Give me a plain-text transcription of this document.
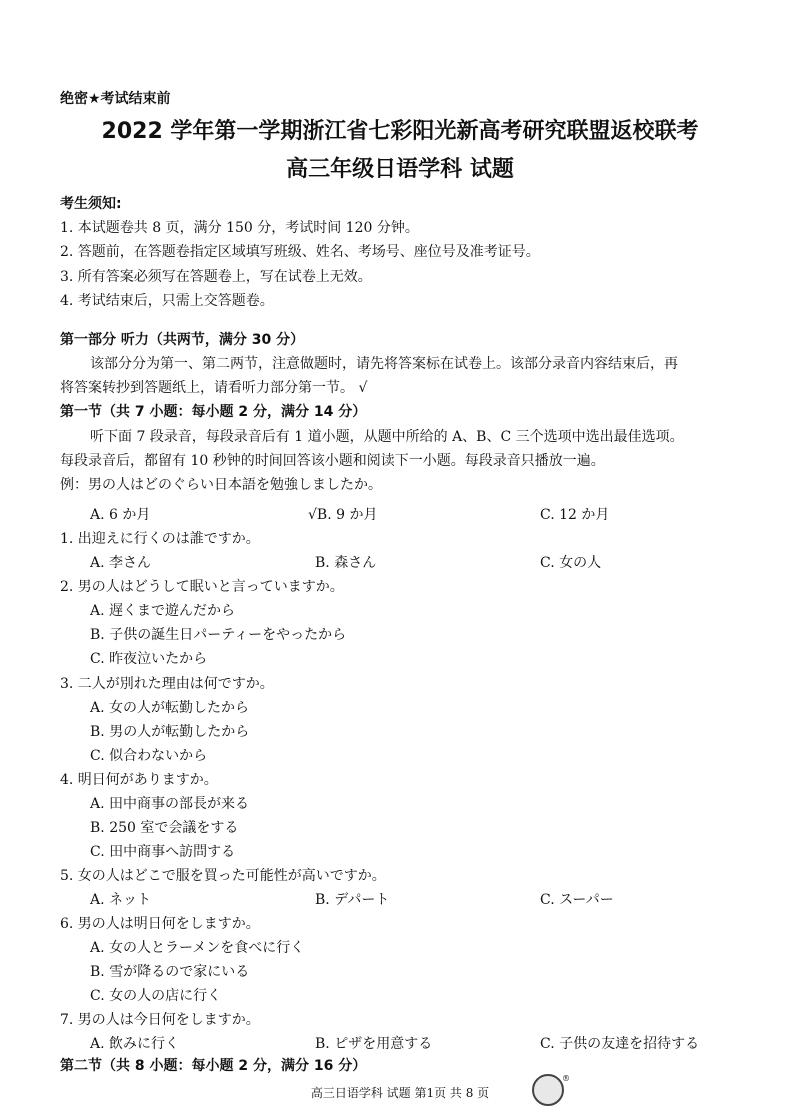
绝密★考试结束前
2022 学年第一学期浙江省七彩阳光新高考研究联盟返校联考
高三年级日语学科 试题
考生须知:
1. 本试题卷共 8 页，满分 150 分，考试时间 120 分钟。
2. 答题前，在答题卷指定区域填写班级、姓名、考场号、座位号及准考证号。
3. 所有答案必须写在答题卷上，写在试卷上无效。
4. 考试结束后，只需上交答题卷。
第一部分 听力（共两节，满分 30 分）
该部分分为第一、第二两节，注意做题时，请先将答案标在试卷上。该部分录音内容结束后，再
将答案转抄到答题纸上，请看听力部分第一节。 √
第一节（共 7 小题：每小题 2 分，满分 14 分）
听下面 7 段录音，每段录音后有 1 道小题，从题中所给的 A、B、C 三个选项中选出最佳选项。
每段录音后，都留有 10 秒钟的时间回答该小题和阅读下一小题。每段录音只播放一遍。
例：男の人はどのぐらい日本語を勉強しましたか。
A. 6 か月	√B. 9 か月	C. 12 か月
1. 出迎えに行くのは誰ですか。
A. 李さん	B. 森さん	C. 女の人
2. 男の人はどうして眠いと言っていますか。
A. 遅くまで遊んだから
B. 子供の誕生日パーティーをやったから
C. 昨夜泣いたから
3. 二人が別れた理由は何ですか。
A. 女の人が転勤したから
B. 男の人が転勤したから
C. 似合わないから
4. 明日何がありますか。
A. 田中商事の部長が来る
B. 250 室で会議をする
C. 田中商事へ訪問する
5. 女の人はどこで服を買った可能性が高いですか。
A. ネット	B. デパート	C. スーパー
6. 男の人は明日何をしますか。
A. 女の人とラーメンを食べに行く
B. 雪が降るので家にいる
C. 女の人の店に行く
7. 男の人は今日何をしますか。
A. 飲みに行く	B. ピザを用意する	C. 子供の友達を招待する
第二节（共 8 小题：每小题 2 分，满分 16 分）
高三日语学科 试题 第1页 共 8 页
®
